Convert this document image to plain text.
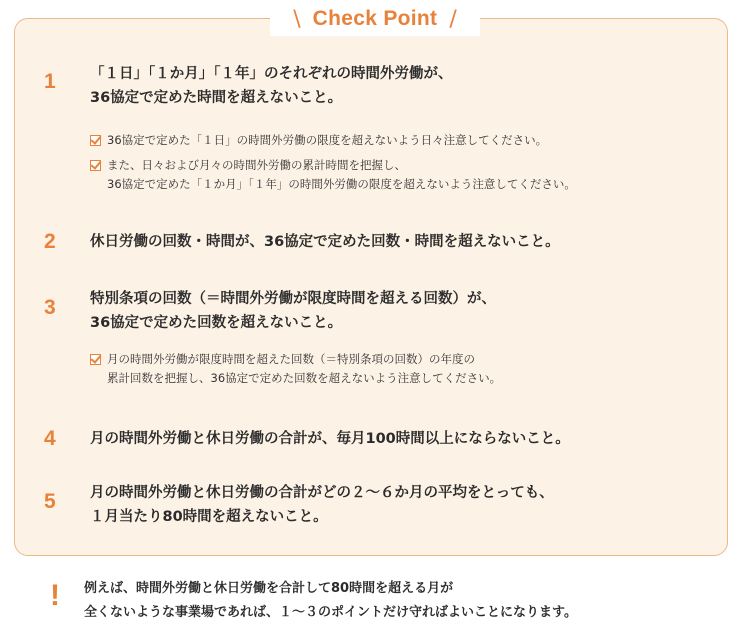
\ Check Point /
1 「１日」「１か月」「１年」のそれぞれの時間外労働が、
36協定で定めた時間を超えないこと。
36協定で定めた「１日」の時間外労働の限度を超えないよう日々注意してください。
また、日々および月々の時間外労働の累計時間を把握し、
36協定で定めた「１か月」「１年」の時間外労働の限度を超えないよう注意してください。
2 休日労働の回数・時間が、36協定で定めた回数・時間を超えないこと。
3 特別条項の回数（＝時間外労働が限度時間を超える回数）が、
36協定で定めた回数を超えないこと。
月の時間外労働が限度時間を超えた回数（＝特別条項の回数）の年度の
累計回数を把握し、36協定で定めた回数を超えないよう注意してください。
4 月の時間外労働と休日労働の合計が、毎月100時間以上にならないこと。
5 月の時間外労働と休日労働の合計がどの２～６か月の平均をとっても、
１月当たり80時間を超えないこと。
! 例えば、時間外労働と休日労働を合計して80時間を超える月が
全くないような事業場であれば、１～３のポイントだけ守ればよいことになります。
